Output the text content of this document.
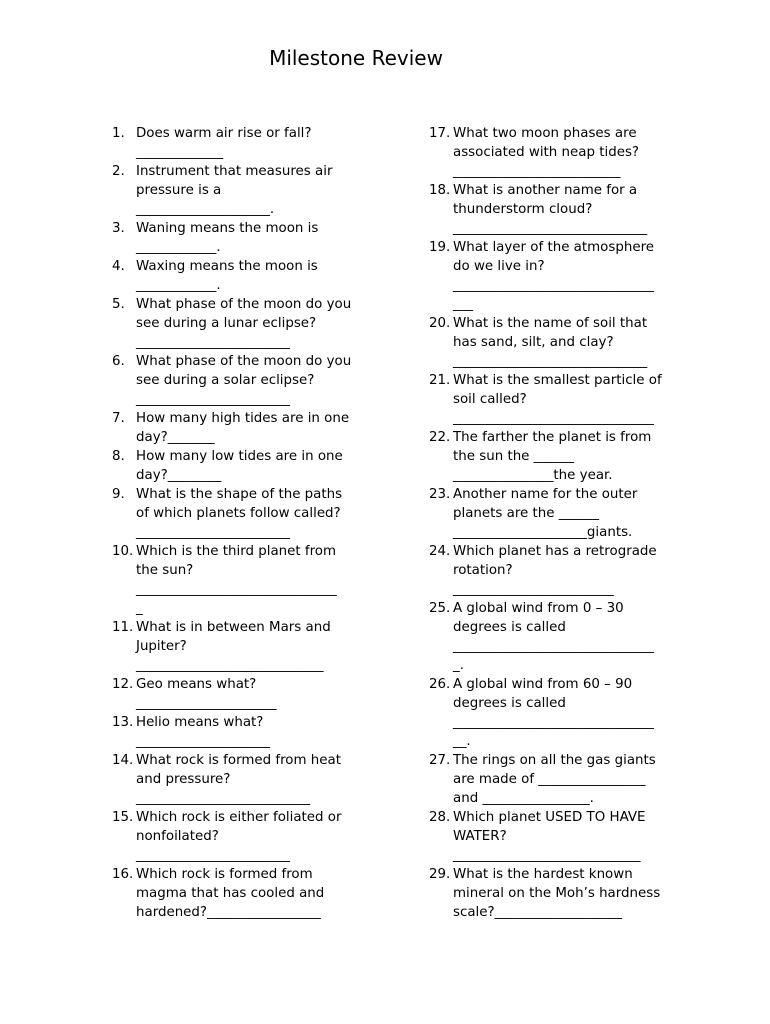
Milestone Review
1. Does warm air rise or fall?
_____________
2. Instrument that measures air
pressure is a
____________________.
3. Waning means the moon is
____________.
4. Waxing means the moon is
____________.
5. What phase of the moon do you
see during a lunar eclipse?
_______________________
6. What phase of the moon do you
see during a solar eclipse?
_______________________
7. How many high tides are in one
day?_______
8. How many low tides are in one
day?________
9. What is the shape of the paths
of which planets follow called?
_______________________
10. Which is the third planet from
the sun?
______________________________
_
11. What is in between Mars and
Jupiter?
____________________________
12. Geo means what?
_____________________
13. Helio means what?
____________________
14. What rock is formed from heat
and pressure?
__________________________
15. Which rock is either foliated or
nonfoilated?
_______________________
16. Which rock is formed from
magma that has cooled and
hardened?_________________
17. What two moon phases are
associated with neap tides?
_________________________
18. What is another name for a
thunderstorm cloud?
_____________________________
19. What layer of the atmosphere
do we live in?
______________________________
___
20. What is the name of soil that
has sand, silt, and clay?
_____________________________
21. What is the smallest particle of
soil called?
______________________________
22. The farther the planet is from
the sun the ______
_______________the year.
23. Another name for the outer
planets are the ______
____________________giants.
24. Which planet has a retrograde
rotation?
________________________
25. A global wind from 0 – 30
degrees is called
______________________________
_.
26. A global wind from 60 – 90
degrees is called
______________________________
__.
27. The rings on all the gas giants
are made of ________________
and ________________.
28. Which planet USED TO HAVE
WATER?
____________________________
29. What is the hardest known
mineral on the Moh’s hardness
scale?___________________
